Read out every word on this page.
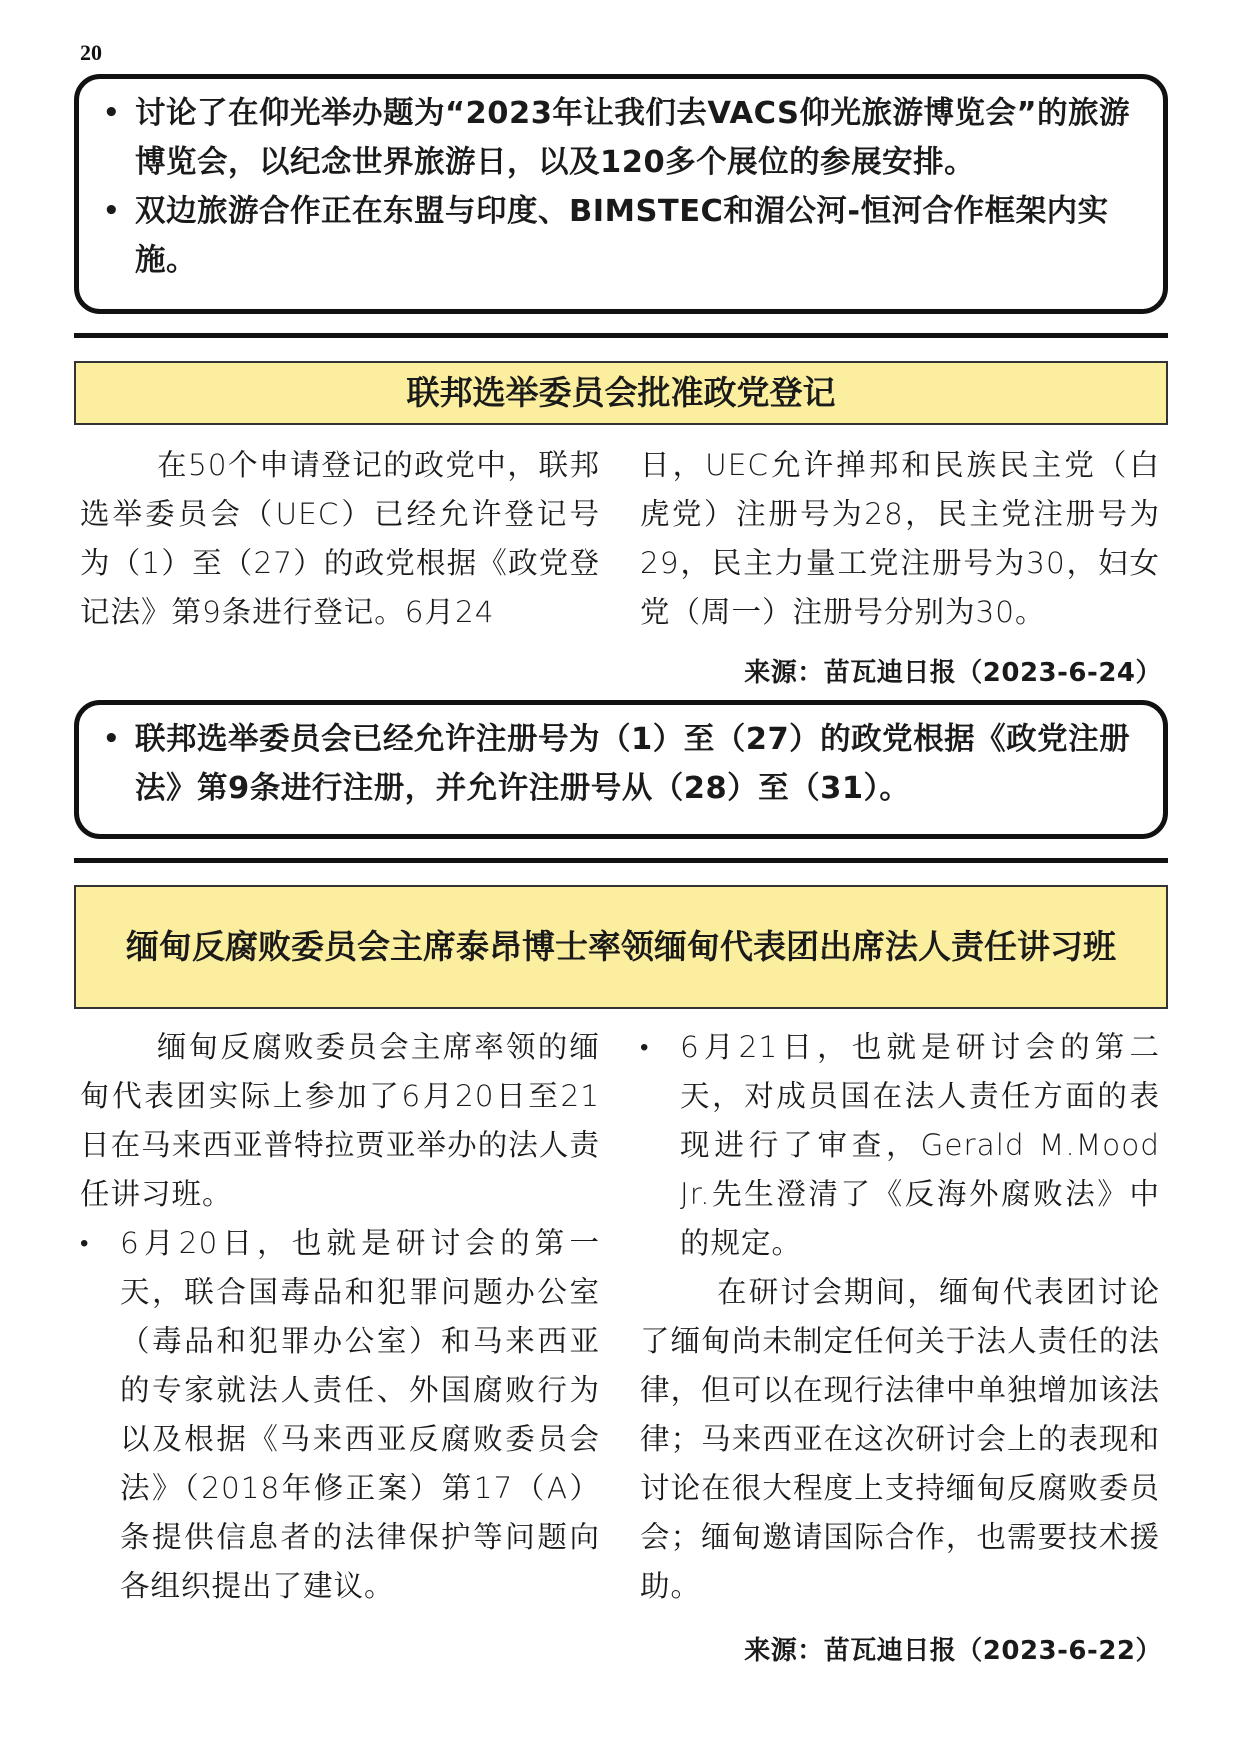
20
• 讨论了在仰光举办题为“2023年让我们去VACS仰光旅游博览会”的旅游博览会，以纪念世界旅游日，以及120多个展位的参展安排。
• 双边旅游合作正在东盟与印度、BIMSTEC和湄公河-恒河合作框架内实施。
联邦选举委员会批准政党登记

在50个申请登记的政党中，联邦选举委员会（UEC）已经允许登记号为（1）至（27）的政党根据《政党登记法》第9条进行登记。6月24

日，UEC允许掸邦和民族民主党（白虎党）注册号为28，民主党注册号为29，民主力量工党注册号为30，妇女党（周一）注册号分别为30。

来源：苗瓦迪日报（2023-6-24）
• 联邦选举委员会已经允许注册号为（1）至（27）的政党根据《政党注册法》第9条进行注册，并允许注册号从（28）至（31）。
缅甸反腐败委员会主席泰昂博士率领缅甸代表团出席法人责任讲习班

缅甸反腐败委员会主席率领的缅甸代表团实际上参加了6月20日至21日在马来西亚普特拉贾亚举办的法人责任讲习班。

• 6月20日，也就是研讨会的第一天，联合国毒品和犯罪问题办公室（毒品和犯罪办公室）和马来西亚的专家就法人责任、外国腐败行为以及根据《马来西亚反腐败委员会法》（2018年修正案）第17（A）条提供信息者的法律保护等问题向各组织提出了建议。
• 6月21日，也就是研讨会的第二天，对成员国在法人责任方面的表现进行了审查，Gerald M.Mood Jr.先生澄清了《反海外腐败法》中的规定。

在研讨会期间，缅甸代表团讨论了缅甸尚未制定任何关于法人责任的法律，但可以在现行法律中单独增加该法律；马来西亚在这次研讨会上的表现和讨论在很大程度上支持缅甸反腐败委员会；缅甸邀请国际合作，也需要技术援助。

来源：苗瓦迪日报（2023-6-22）
